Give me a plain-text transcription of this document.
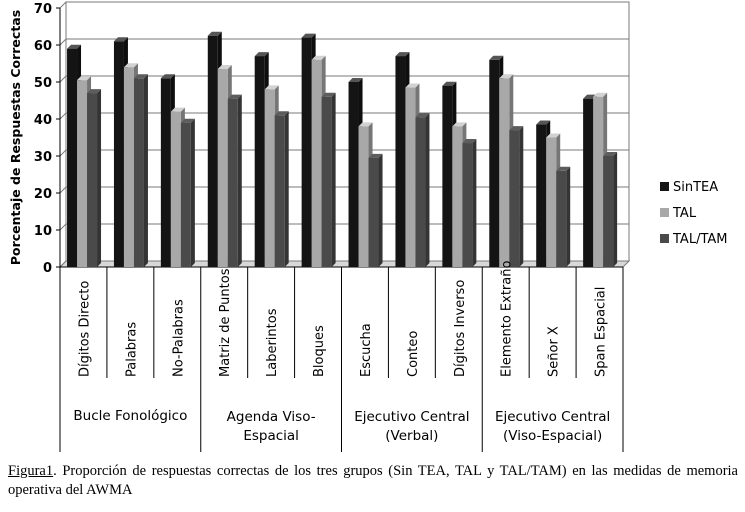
0
10
20
30
40
50
60
70
Porcentaje de Respuestas Correctas
Dígitos Directo Palabras No-Palabras Matriz de Puntos Laberintos Bloques Escucha Conteo Dígitos Inverso Elemento Extraño Señor X Span Espacial
Bucle Fonológico	Agenda Viso-
Espacial
Ejecutivo Central
(Verbal)
Ejecutivo Central
(Viso-Espacial)
SinTEA
TAL
TAL/TAM
Figura1. Proporción de respuestas correctas de los tres grupos (Sin TEA, TAL y TAL/TAM) en las medidas de memoria operativa del AWMA
